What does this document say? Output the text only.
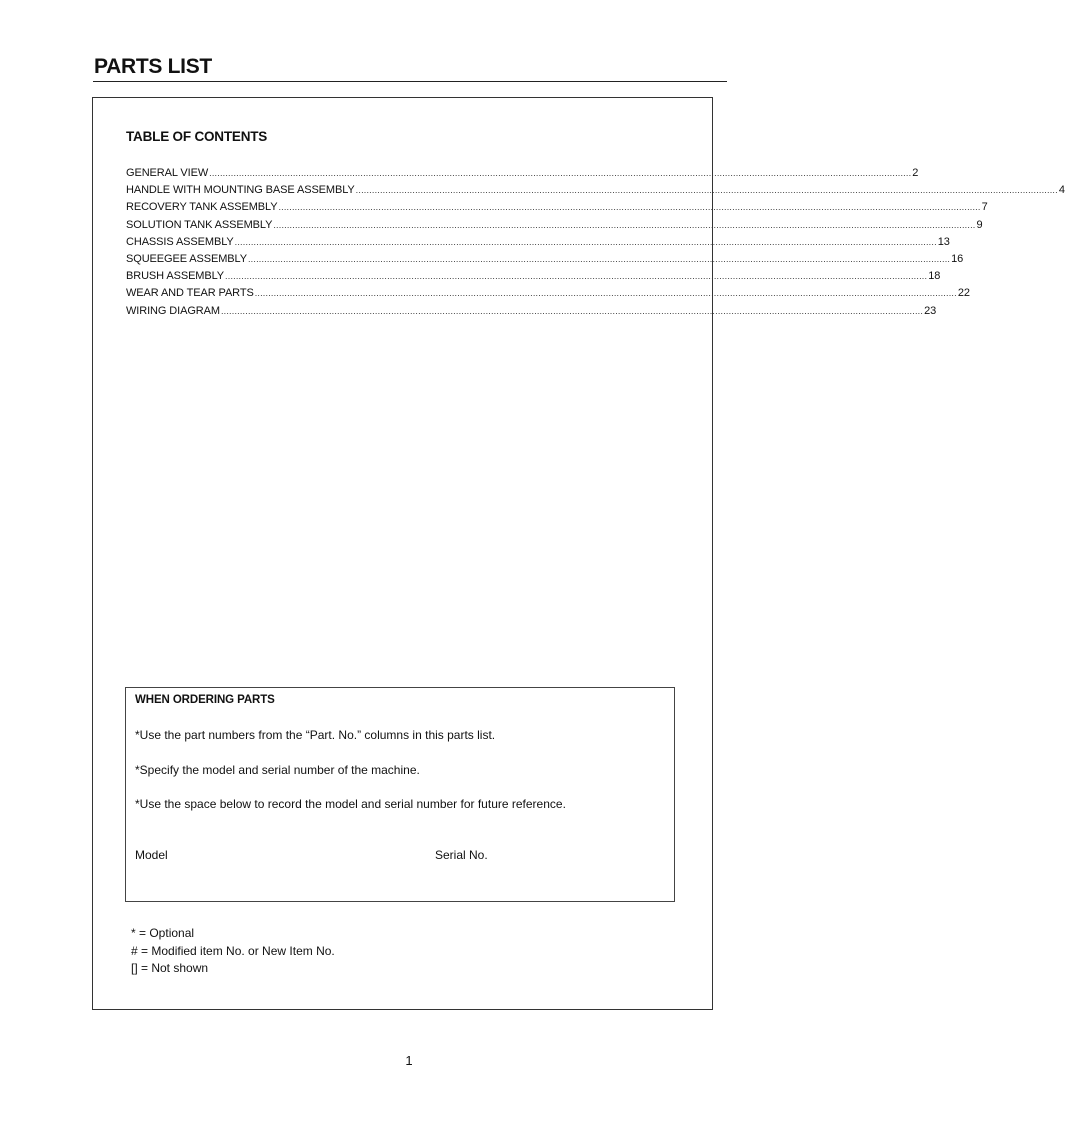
PARTS LIST
TABLE OF CONTENTS
GENERAL VIEW .................................................................................................................................................................................................................................................................... 2
HANDLE WITH MOUNTING BASE ASSEMBLY .................................................................................................................................................................................................................................................................... 4
RECOVERY TANK ASSEMBLY .................................................................................................................................................................................................................................................................... 7
SOLUTION TANK ASSEMBLY .................................................................................................................................................................................................................................................................... 9
CHASSIS ASSEMBLY .................................................................................................................................................................................................................................................................... 13
SQUEEGEE ASSEMBLY .................................................................................................................................................................................................................................................................... 16
BRUSH ASSEMBLY .................................................................................................................................................................................................................................................................... 18
WEAR AND TEAR PARTS .................................................................................................................................................................................................................................................................... 22
WIRING DIAGRAM .................................................................................................................................................................................................................................................................... 23
WHEN ORDERING PARTS

*Use the part numbers from the “Part. No.” columns in this parts list.

*Specify the model and serial number of the machine.

*Use the space below to record the model and serial number for future reference.

Model	Serial No.

* = Optional
# = Modified item No. or New Item No.
[] = Not shown
1
